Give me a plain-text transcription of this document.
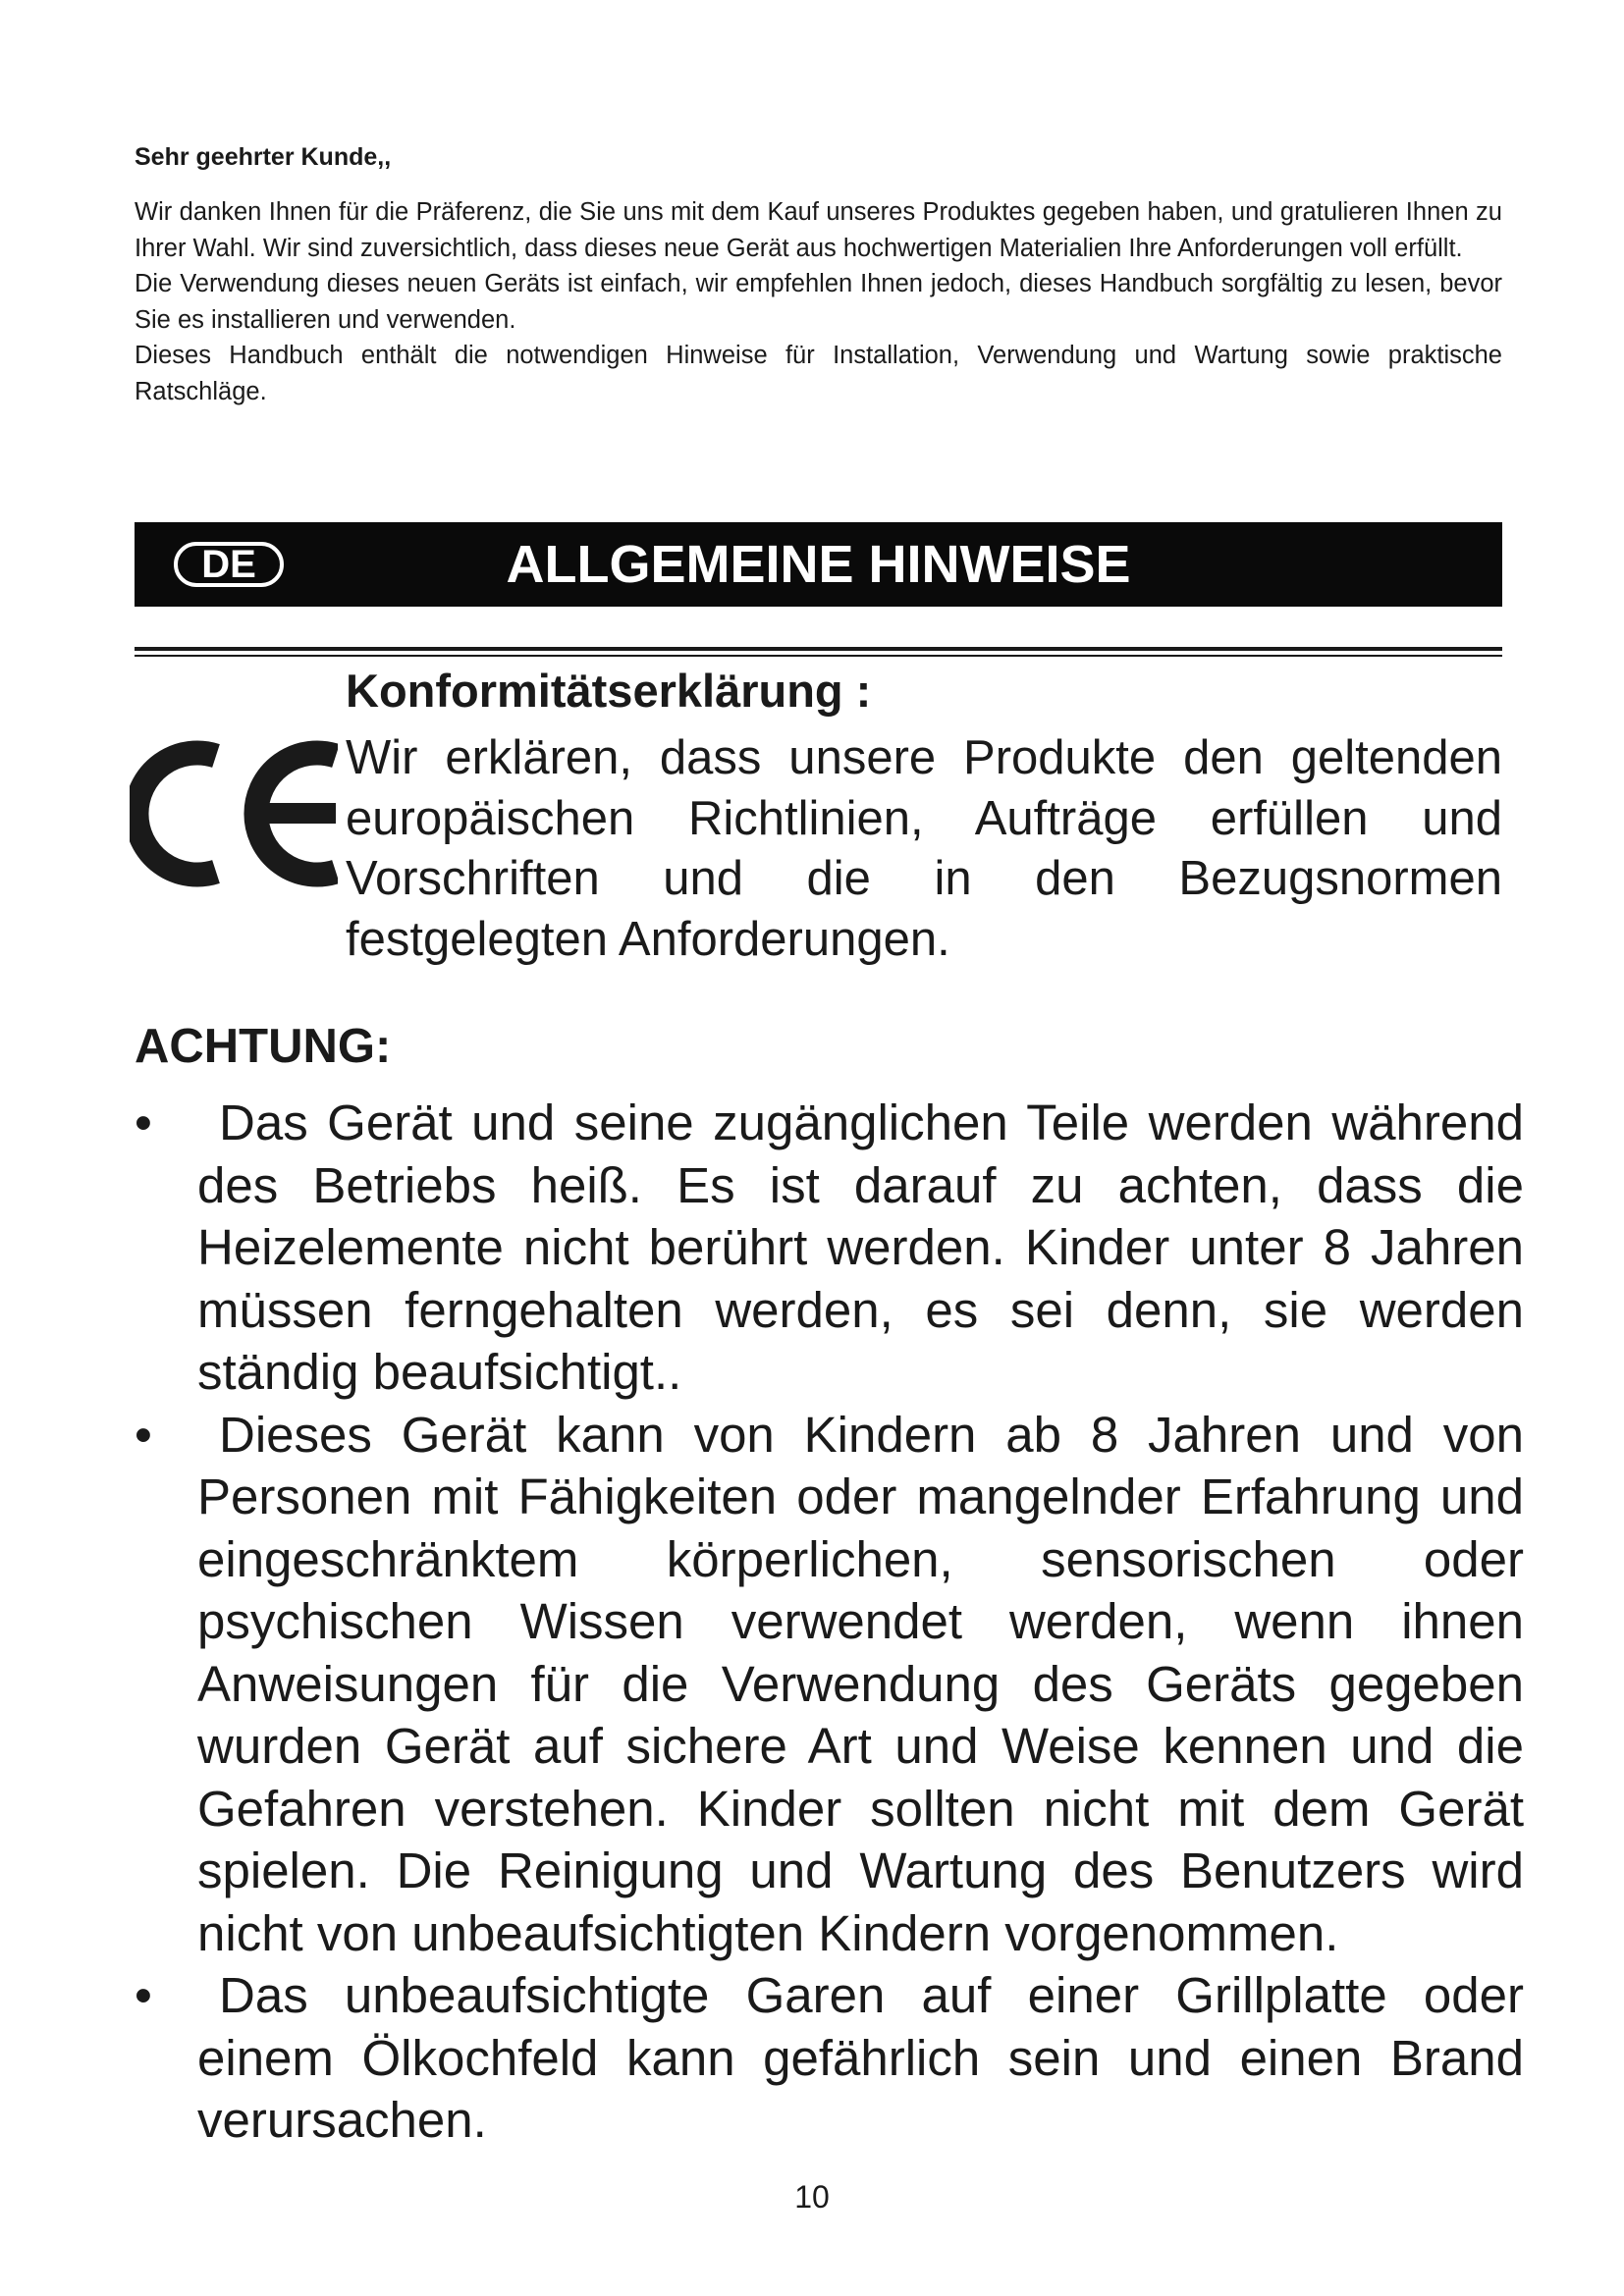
Sehr geehrter Kunde,,

Wir danken Ihnen für die Präferenz, die Sie uns mit dem Kauf unseres Produktes gegeben haben, und gratulieren Ihnen zu Ihrer Wahl. Wir sind zuversichtlich, dass dieses neue Gerät aus hochwertigen Materialien Ihre Anforderungen voll erfüllt.

Die Verwendung dieses neuen Geräts ist einfach, wir empfehlen Ihnen jedoch, dieses Handbuch sorgfältig zu lesen, bevor Sie es installieren und verwenden.

Dieses Handbuch enthält die notwendigen Hinweise für Installation, Verwendung und Wartung sowie praktische Ratschläge.

ALLGEMEINE HINWEISE
DE
Konformitätserklärung :

Wir erklären, dass unsere Produkte den geltenden europäischen Richtlinien, Aufträge erfüllen und Vorschriften und die in den Bezugsnormen festgelegten Anforderungen.

ACHTUNG:
•	Das Gerät und seine zugänglichen Teile werden während des Betriebs heiß. Es ist darauf zu achten, dass die Heizelemente nicht berührt werden. Kinder unter 8 Jahren müssen ferngehalten werden, es sei denn, sie werden ständig beaufsichtigt..
•	Dieses Gerät kann von Kindern ab 8 Jahren und von Personen mit Fähigkeiten oder mangelnder Erfahrung und eingeschränktem körperlichen, sensorischen oder psychischen Wissen verwendet werden, wenn ihnen Anweisungen für die Verwendung des Geräts gegeben wurden Gerät auf sichere Art und Weise kennen und die Gefahren verstehen. Kinder sollten nicht mit dem Gerät spielen. Die Reinigung und Wartung des Benutzers wird nicht von unbeaufsichtigten Kindern vorgenommen.
•	Das unbeaufsichtigte Garen auf einer Grillplatte oder einem Ölkochfeld kann gefährlich sein und einen Brand verursachen.

10
